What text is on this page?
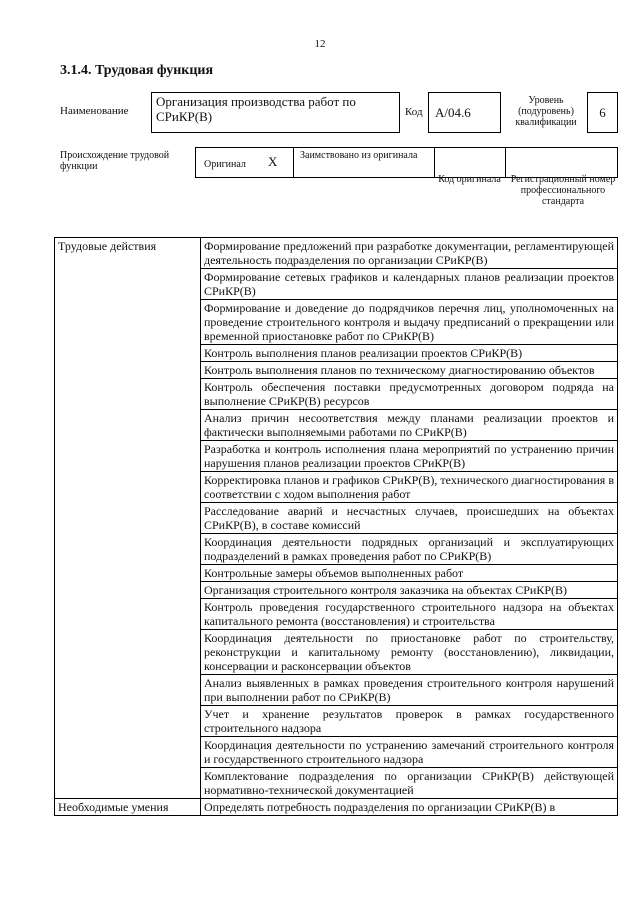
12
3.1.4. Трудовая функция
Наименование
Организация производства работ по СРиКР(В)	Код А/04.6
Уровень (подуровень) квалификации
6
Происхождение трудовой функции	Оригинал X Заимствовано из оригинала
Код оригинала Регистрационный номер профессионального стандарта
Трудовые действия	Формирование предложений при разработке документации, регламентирующей деятельность подразделения по организации СРиКР(В)
	Формирование сетевых графиков и календарных планов реализации проектов СРиКР(В)
	Формирование и доведение до подрядчиков перечня лиц, уполномоченных на проведение строительного контроля и выдачу предписаний о прекращении или временной приостановке работ по СРиКР(В)
	Контроль выполнения планов реализации проектов СРиКР(В)
	Контроль выполнения планов по техническому диагностированию объектов
	Контроль обеспечения поставки предусмотренных договором подряда на выполнение СРиКР(В) ресурсов
	Анализ причин несоответствия между планами реализации проектов и фактически выполняемыми работами по СРиКР(В)
	Разработка и контроль исполнения плана мероприятий по устранению причин нарушения планов реализации проектов СРиКР(В)
	Корректировка планов и графиков СРиКР(В), технического диагностирования в соответствии с ходом выполнения работ
	Расследование аварий и несчастных случаев, происшедших на объектах СРиКР(В), в составе комиссий
	Координация деятельности подрядных организаций и эксплуатирующих подразделений в рамках проведения работ по СРиКР(В)
	Контрольные замеры объемов выполненных работ
	Организация строительного контроля заказчика на объектах СРиКР(В)
	Контроль проведения государственного строительного надзора на объектах капитального ремонта (восстановления) и строительства
	Координация деятельности по приостановке работ по строительству, реконструкции и капитальному ремонту (восстановлению), ликвидации, консервации и расконсервации объектов
	Анализ выявленных в рамках проведения строительного контроля нарушений при выполнении работ по СРиКР(В)
	Учет и хранение результатов проверок в рамках государственного строительного надзора
	Координация деятельности по устранению замечаний строительного контроля и государственного строительного надзора
	Комплектование подразделения по организации СРиКР(В) действующей нормативно-технической документацией
Необходимые умения	Определять потребность подразделения по организации СРиКР(В) в
